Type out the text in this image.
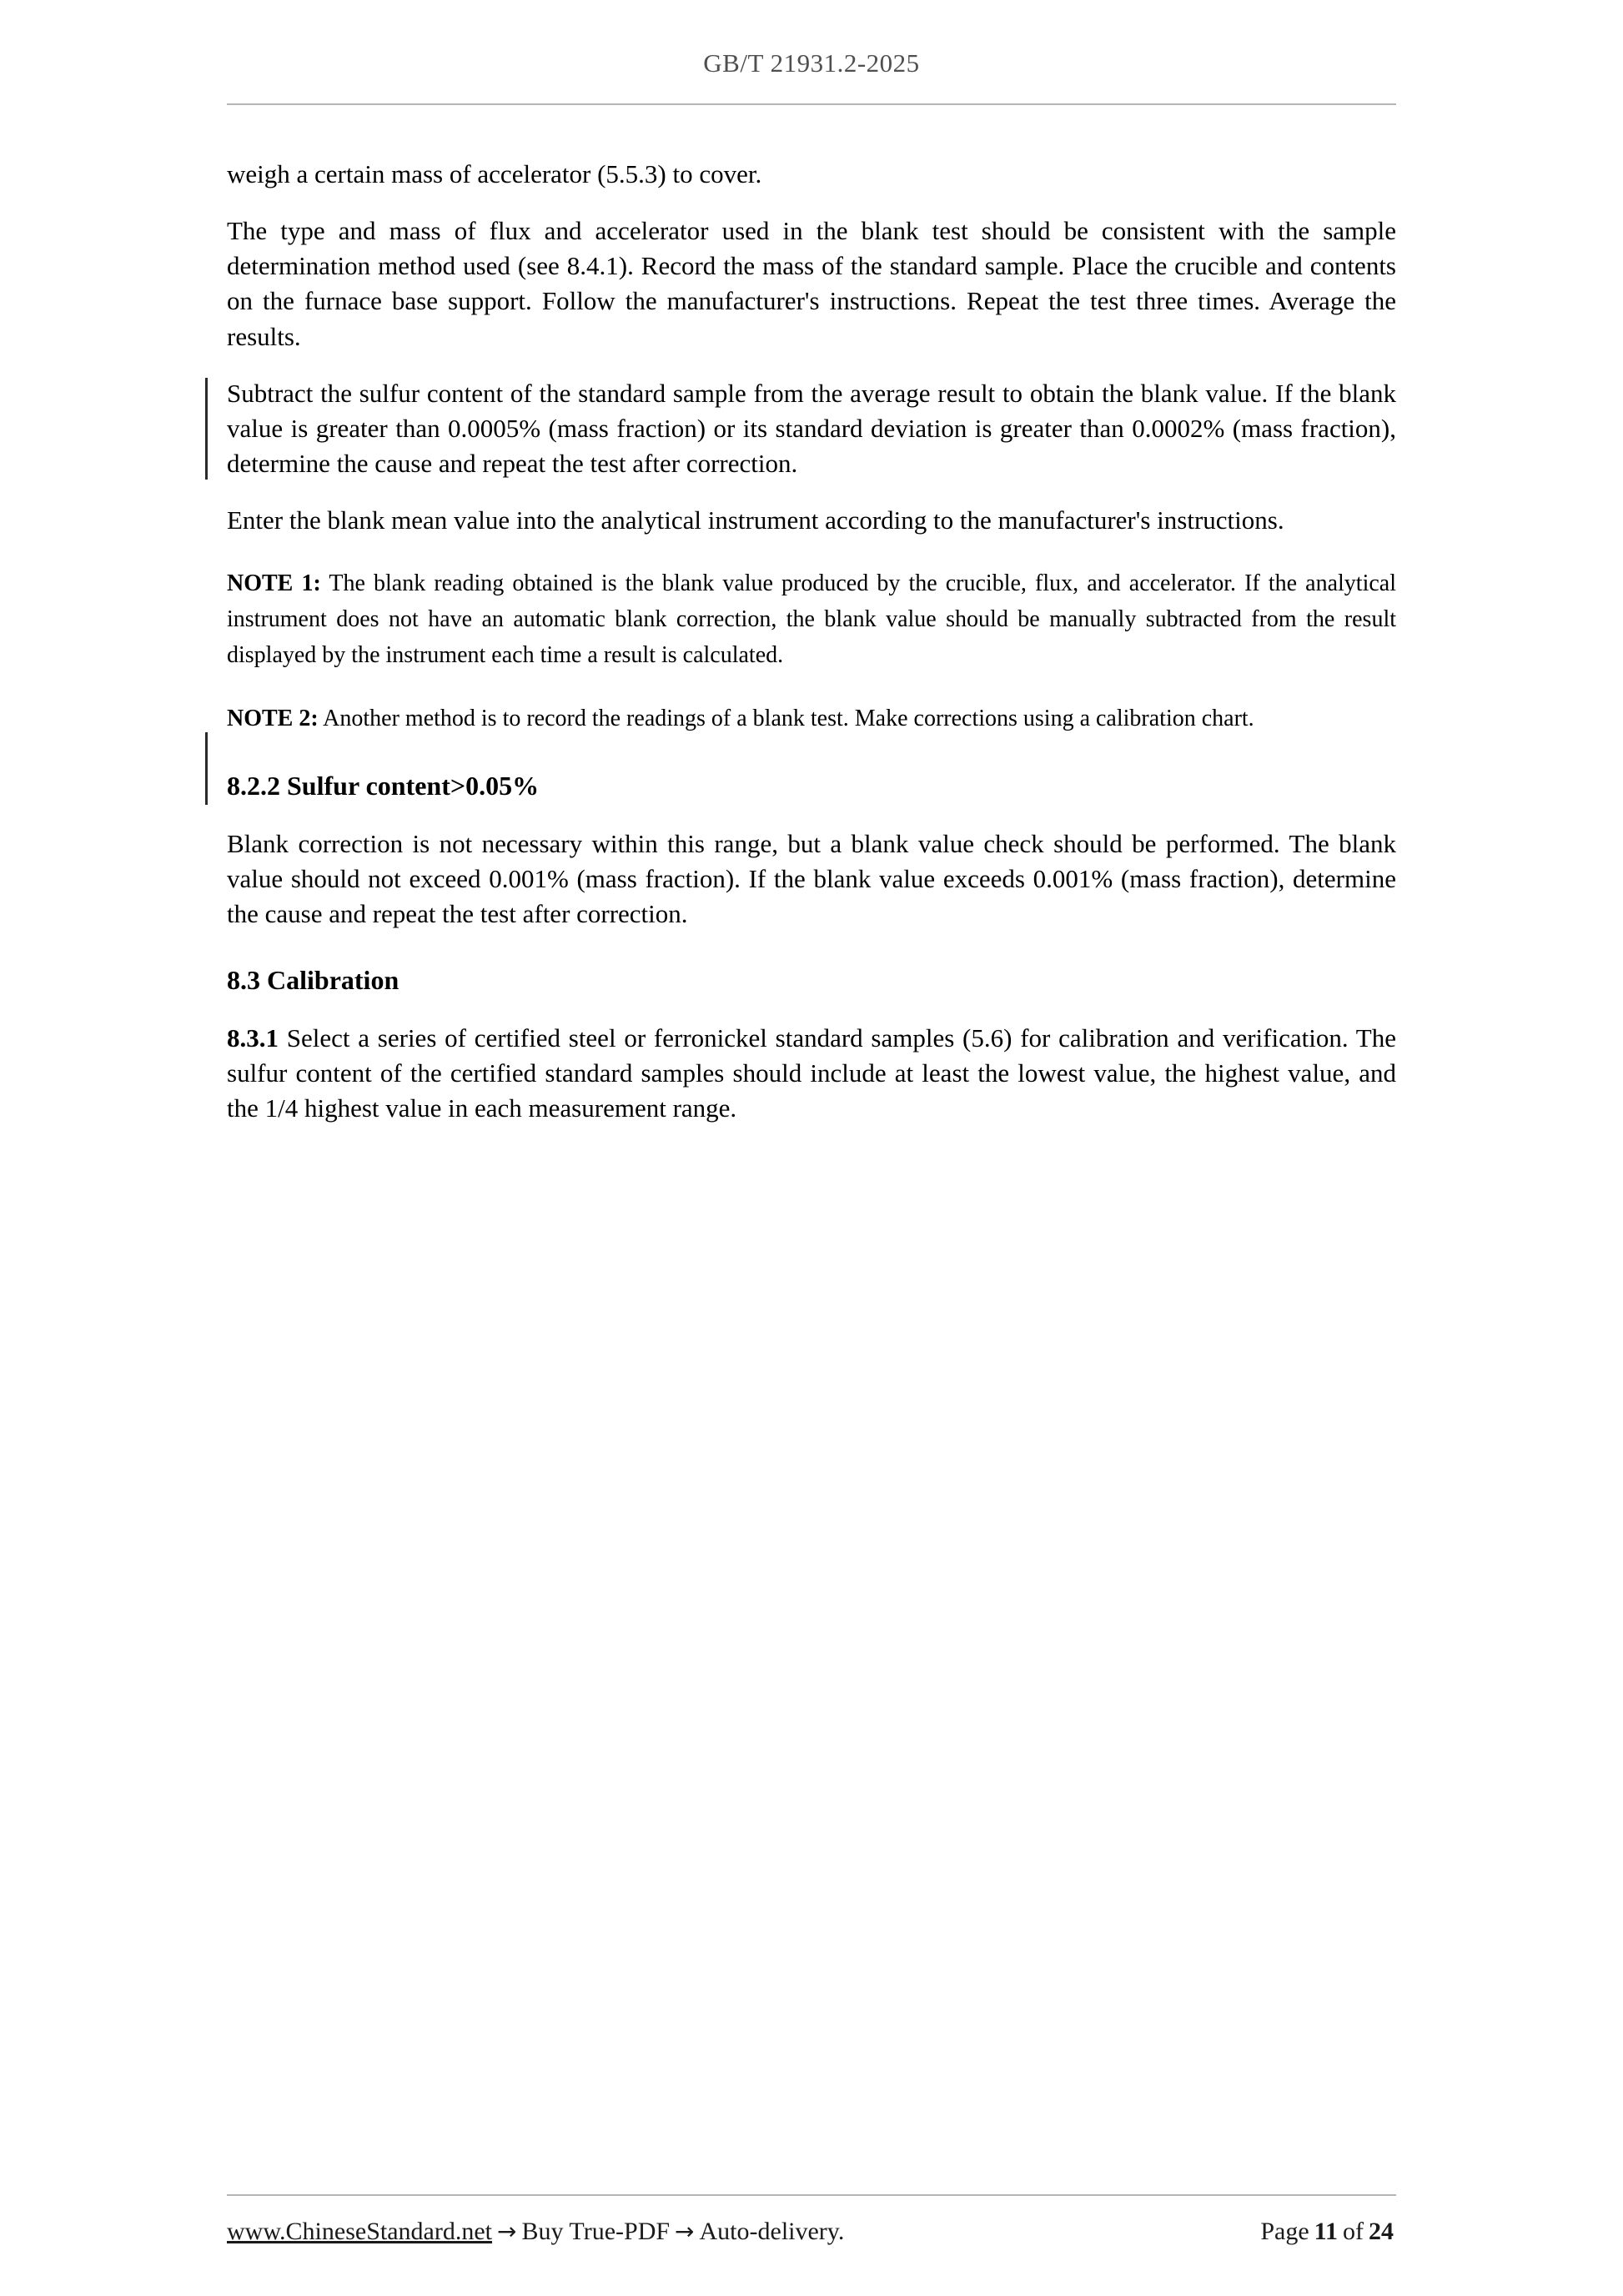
GB/T 21931.2-2025

weigh a certain mass of accelerator (5.5.3) to cover.

The type and mass of flux and accelerator used in the blank test should be consistent with the sample determination method used (see 8.4.1). Record the mass of the standard sample. Place the crucible and contents on the furnace base support. Follow the manufacturer's instructions. Repeat the test three times. Average the results.

Subtract the sulfur content of the standard sample from the average result to obtain the blank value. If the blank value is greater than 0.0005% (mass fraction) or its standard deviation is greater than 0.0002% (mass fraction), determine the cause and repeat the test after correction.

Enter the blank mean value into the analytical instrument according to the manufacturer's instructions.

NOTE 1: The blank reading obtained is the blank value produced by the crucible, flux, and accelerator. If the analytical instrument does not have an automatic blank correction, the blank value should be manually subtracted from the result displayed by the instrument each time a result is calculated.

NOTE 2: Another method is to record the readings of a blank test. Make corrections using a calibration chart.

8.2.2 Sulfur content>0.05%

Blank correction is not necessary within this range, but a blank value check should be performed. The blank value should not exceed 0.001% (mass fraction). If the blank value exceeds 0.001% (mass fraction), determine the cause and repeat the test after correction.

8.3 Calibration

8.3.1 Select a series of certified steel or ferronickel standard samples (5.6) for calibration and verification. The sulfur content of the certified standard samples should include at least the lowest value, the highest value, and the 1/4 highest value in each measurement range.

www.ChineseStandard.net → Buy True-PDF → Auto-delivery.	Page 11 of 24
